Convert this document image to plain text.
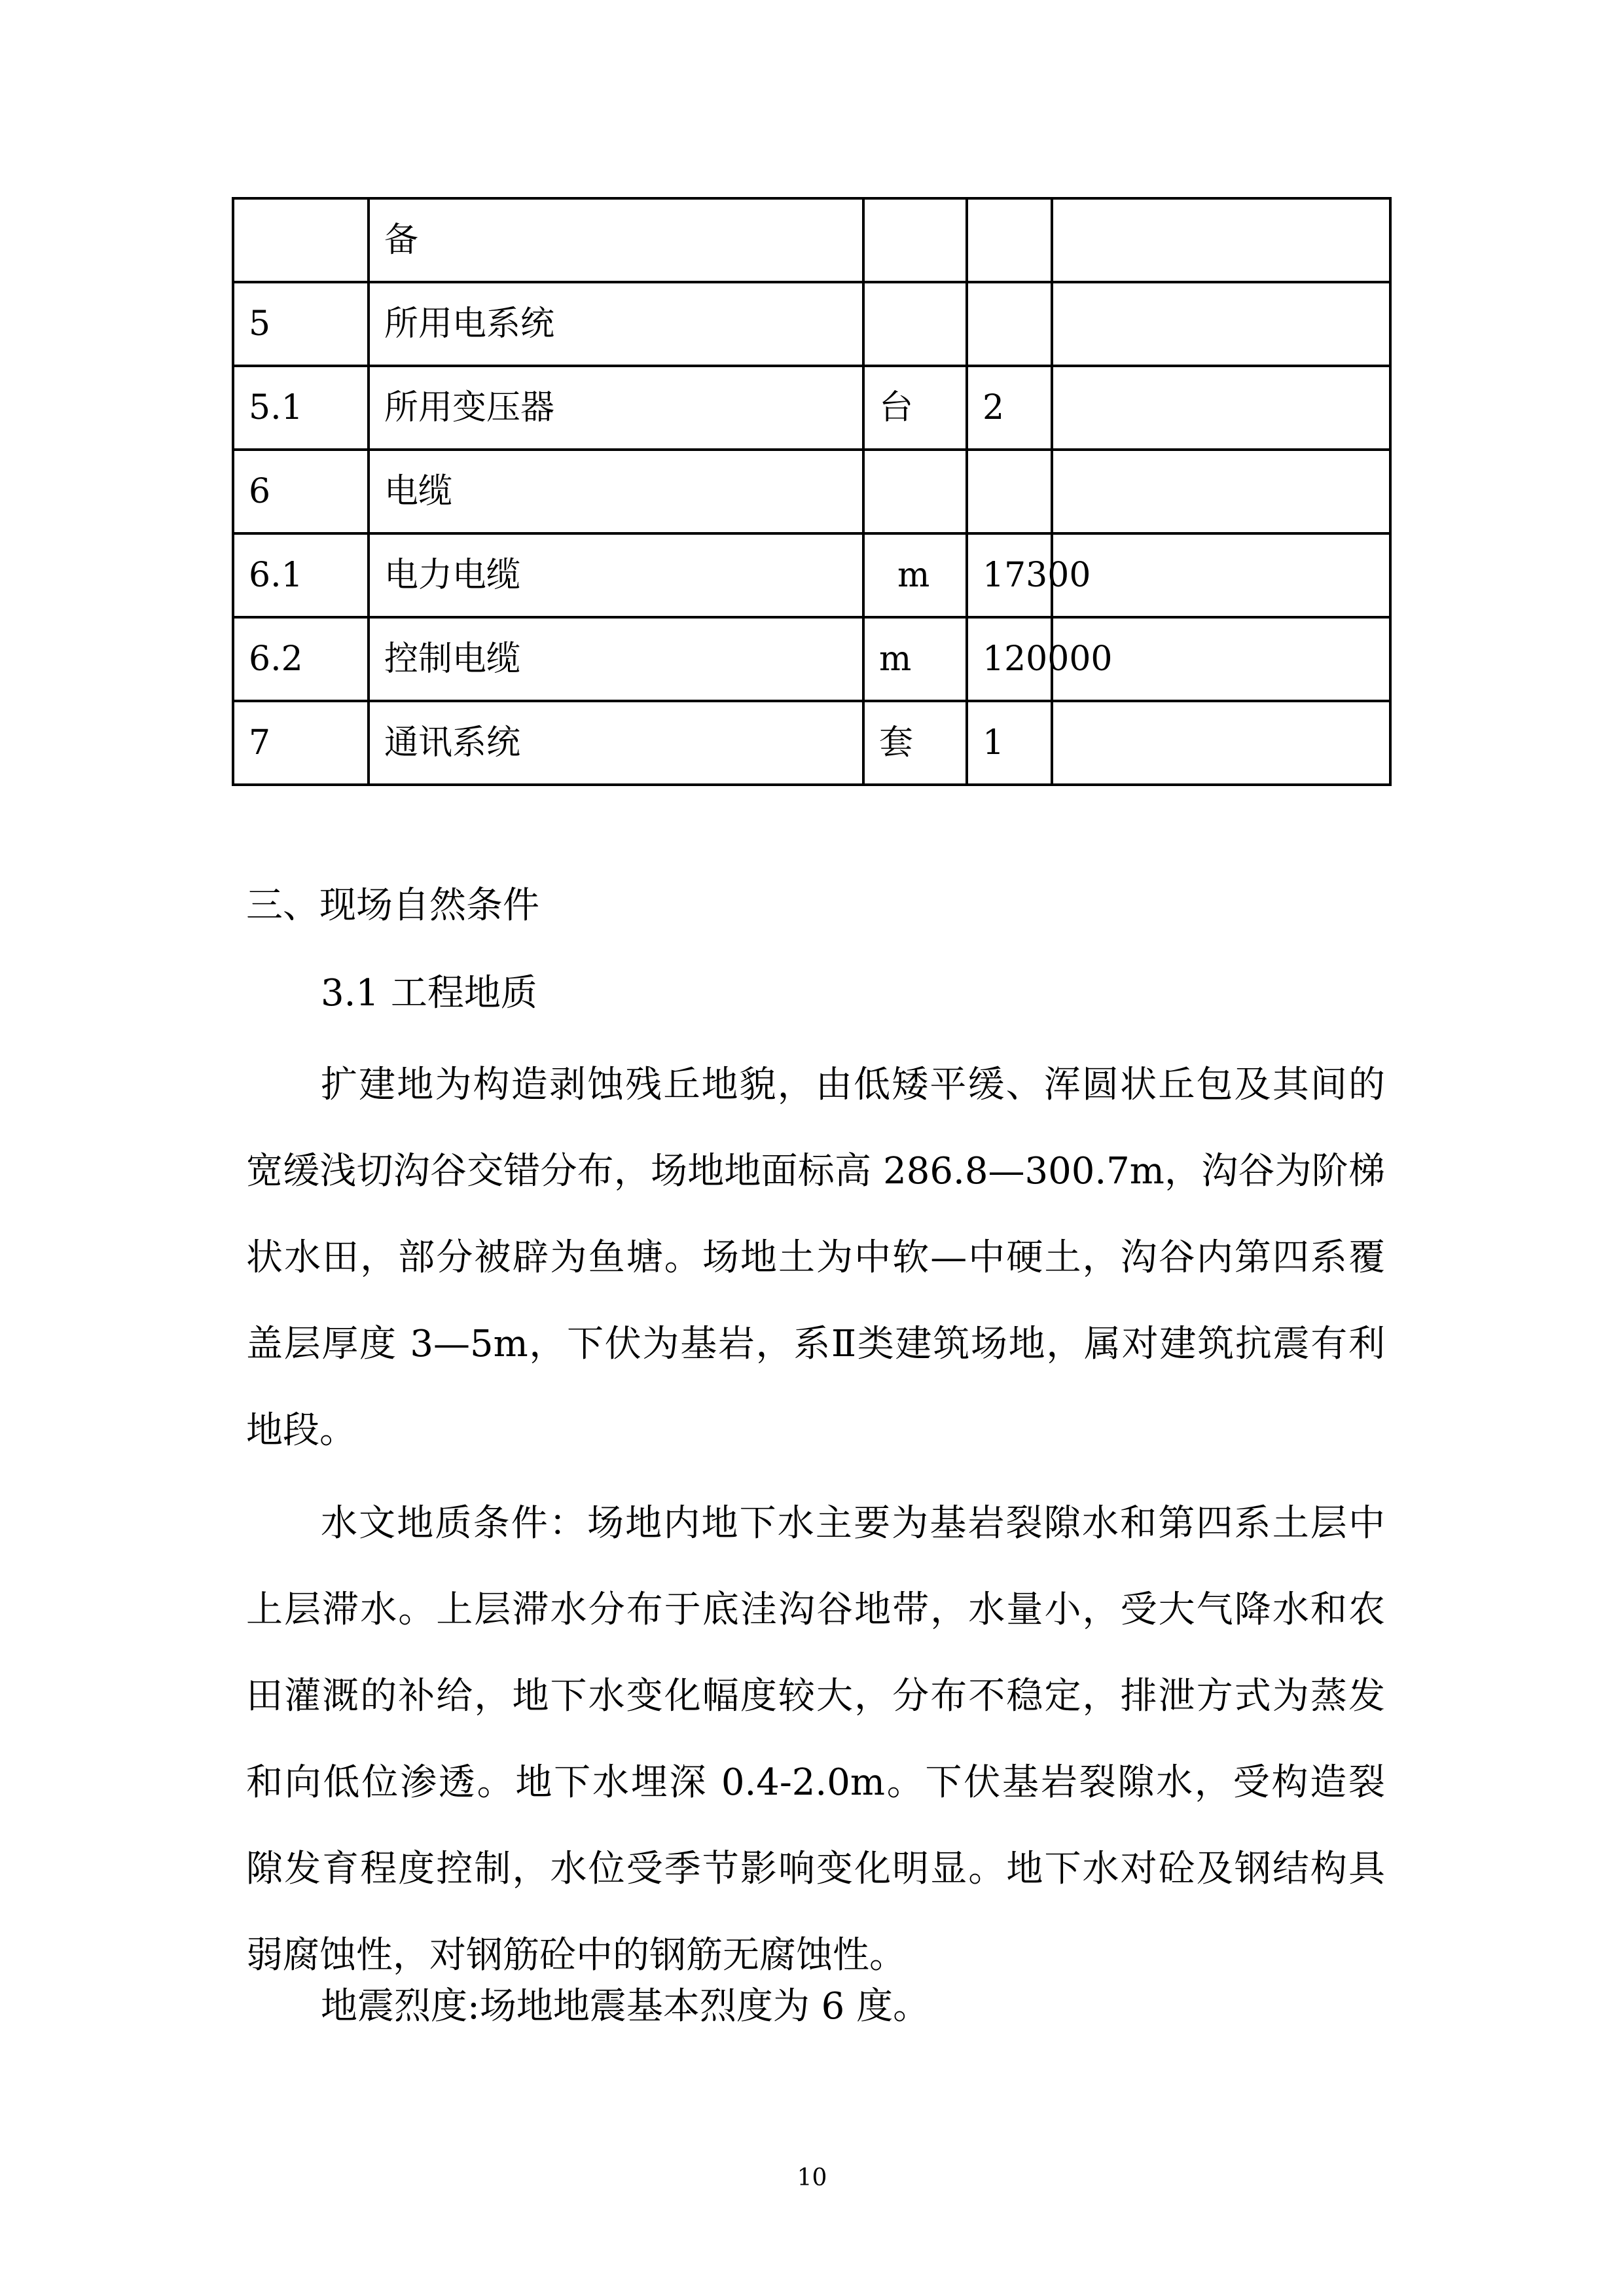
	备			
5	所用电系统			
5.1	所用变压器	台	2	
6	电缆			
6.1	电力电缆	m	17300	
6.2	控制电缆	m	120000	
7	通讯系统	套	1	
三、现场自然条件
3.1 工程地质
扩建地为构造剥蚀残丘地貌，由低矮平缓、浑圆状丘包及其间的
宽缓浅切沟谷交错分布，场地地面标高 286.8—300.7m，沟谷为阶梯
状水田，部分被辟为鱼塘。场地土为中软—中硬土，沟谷内第四系覆
盖层厚度 3—5m，下伏为基岩，系Ⅱ类建筑场地，属对建筑抗震有利
地段。
水文地质条件：场地内地下水主要为基岩裂隙水和第四系土层中
上层滞水。上层滞水分布于底洼沟谷地带，水量小，受大气降水和农
田灌溉的补给，地下水变化幅度较大，分布不稳定，排泄方式为蒸发
和向低位渗透。地下水埋深 0.4-2.0m。下伏基岩裂隙水，受构造裂
隙发育程度控制，水位受季节影响变化明显。地下水对砼及钢结构具
弱腐蚀性，对钢筋砼中的钢筋无腐蚀性。
地震烈度:场地地震基本烈度为 6 度。
10
